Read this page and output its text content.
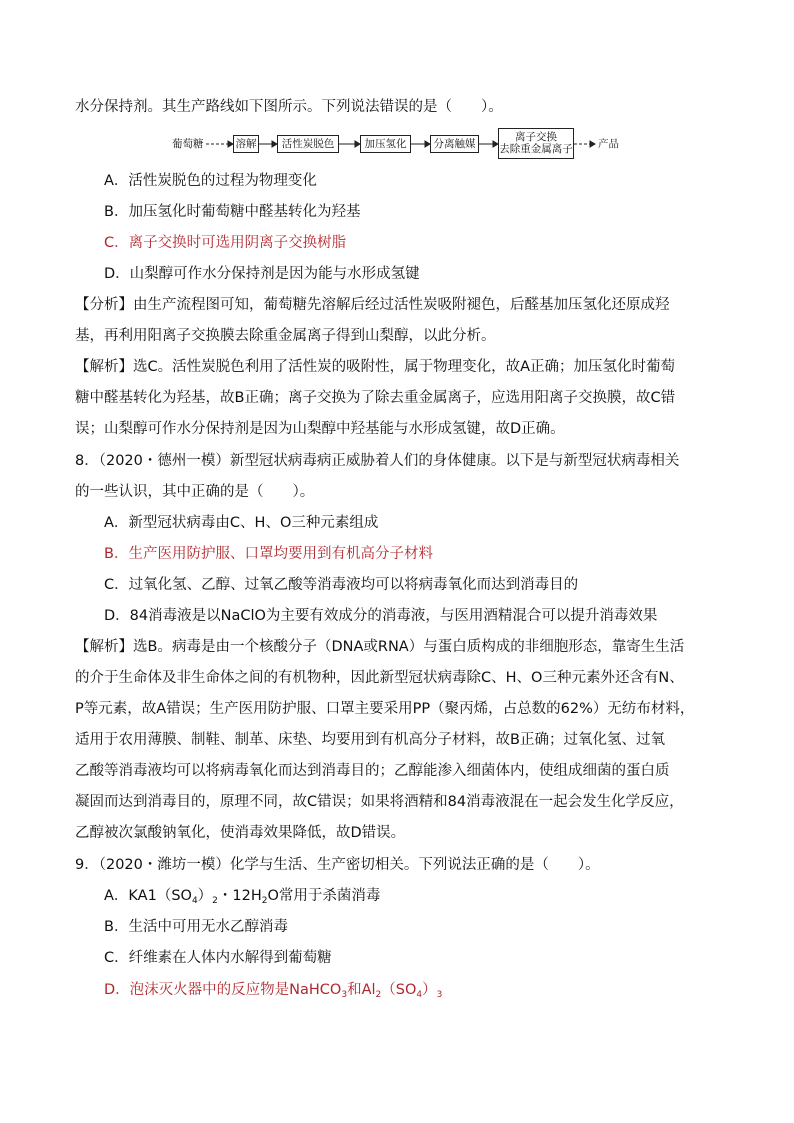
水分保持剂。其生产路线如下图所示。下列说法错误的是（　　）。
葡萄糖	溶解	活性炭脱色	加压氢化	分离触媒
离子交换
去除重金属离子 产品
A．活性炭脱色的过程为物理变化
B．加压氢化时葡萄糖中醛基转化为羟基
C．离子交换时可选用阴离子交换树脂
D．山梨醇可作水分保持剂是因为能与水形成氢键
【分析】由生产流程图可知，葡萄糖先溶解后经过活性炭吸附褪色，后醛基加压氢化还原成羟
基，再利用阳离子交换膜去除重金属离子得到山梨醇，以此分析。
【解析】选C。活性炭脱色利用了活性炭的吸附性，属于物理变化，故A正确；加压氢化时葡萄
糖中醛基转化为羟基，故B正确；离子交换为了除去重金属离子，应选用阳离子交换膜，故C错
误；山梨醇可作水分保持剂是因为山梨醇中羟基能与水形成氢键，故D正确。
8．（2020・德州一模）新型冠状病毒病正威胁着人们的身体健康。以下是与新型冠状病毒相关
的一些认识，其中正确的是（　　）。
A．新型冠状病毒由C、H、O三种元素组成
B．生产医用防护服、口罩均要用到有机高分子材料
C．过氧化氢、乙醇、过氧乙酸等消毒液均可以将病毒氧化而达到消毒目的
D．84消毒液是以NaClO为主要有效成分的消毒液，与医用酒精混合可以提升消毒效果
【解析】选B。病毒是由一个核酸分子（DNA或RNA）与蛋白质构成的非细胞形态，靠寄生生活
的介于生命体及非生命体之间的有机物种，因此新型冠状病毒除C、H、O三种元素外还含有N、
P等元素，故A错误；生产医用防护服、口罩主要采用PP（聚丙烯，占总数的62%）无纺布材料，
适用于农用薄膜、制鞋、制革、床垫、均要用到有机高分子材料，故B正确；过氧化氢、过氧
乙酸等消毒液均可以将病毒氧化而达到消毒目的；乙醇能渗入细菌体内，使组成细菌的蛋白质
凝固而达到消毒目的，原理不同，故C错误；如果将酒精和84消毒液混在一起会发生化学反应，
乙醇被次氯酸钠氧化，使消毒效果降低，故D错误。
9．（2020・潍坊一模）化学与生活、生产密切相关。下列说法正确的是（　　）。
A．$KA1(SO_4)_2$・$12H_2O$常用于杀菌消毒
B．生活中可用无水乙醇消毒
C．纤维素在人体内水解得到葡萄糖
D．泡沫灭火器中的反应物是NaHCO$_3$和$Al_2(SO_4)_3$
